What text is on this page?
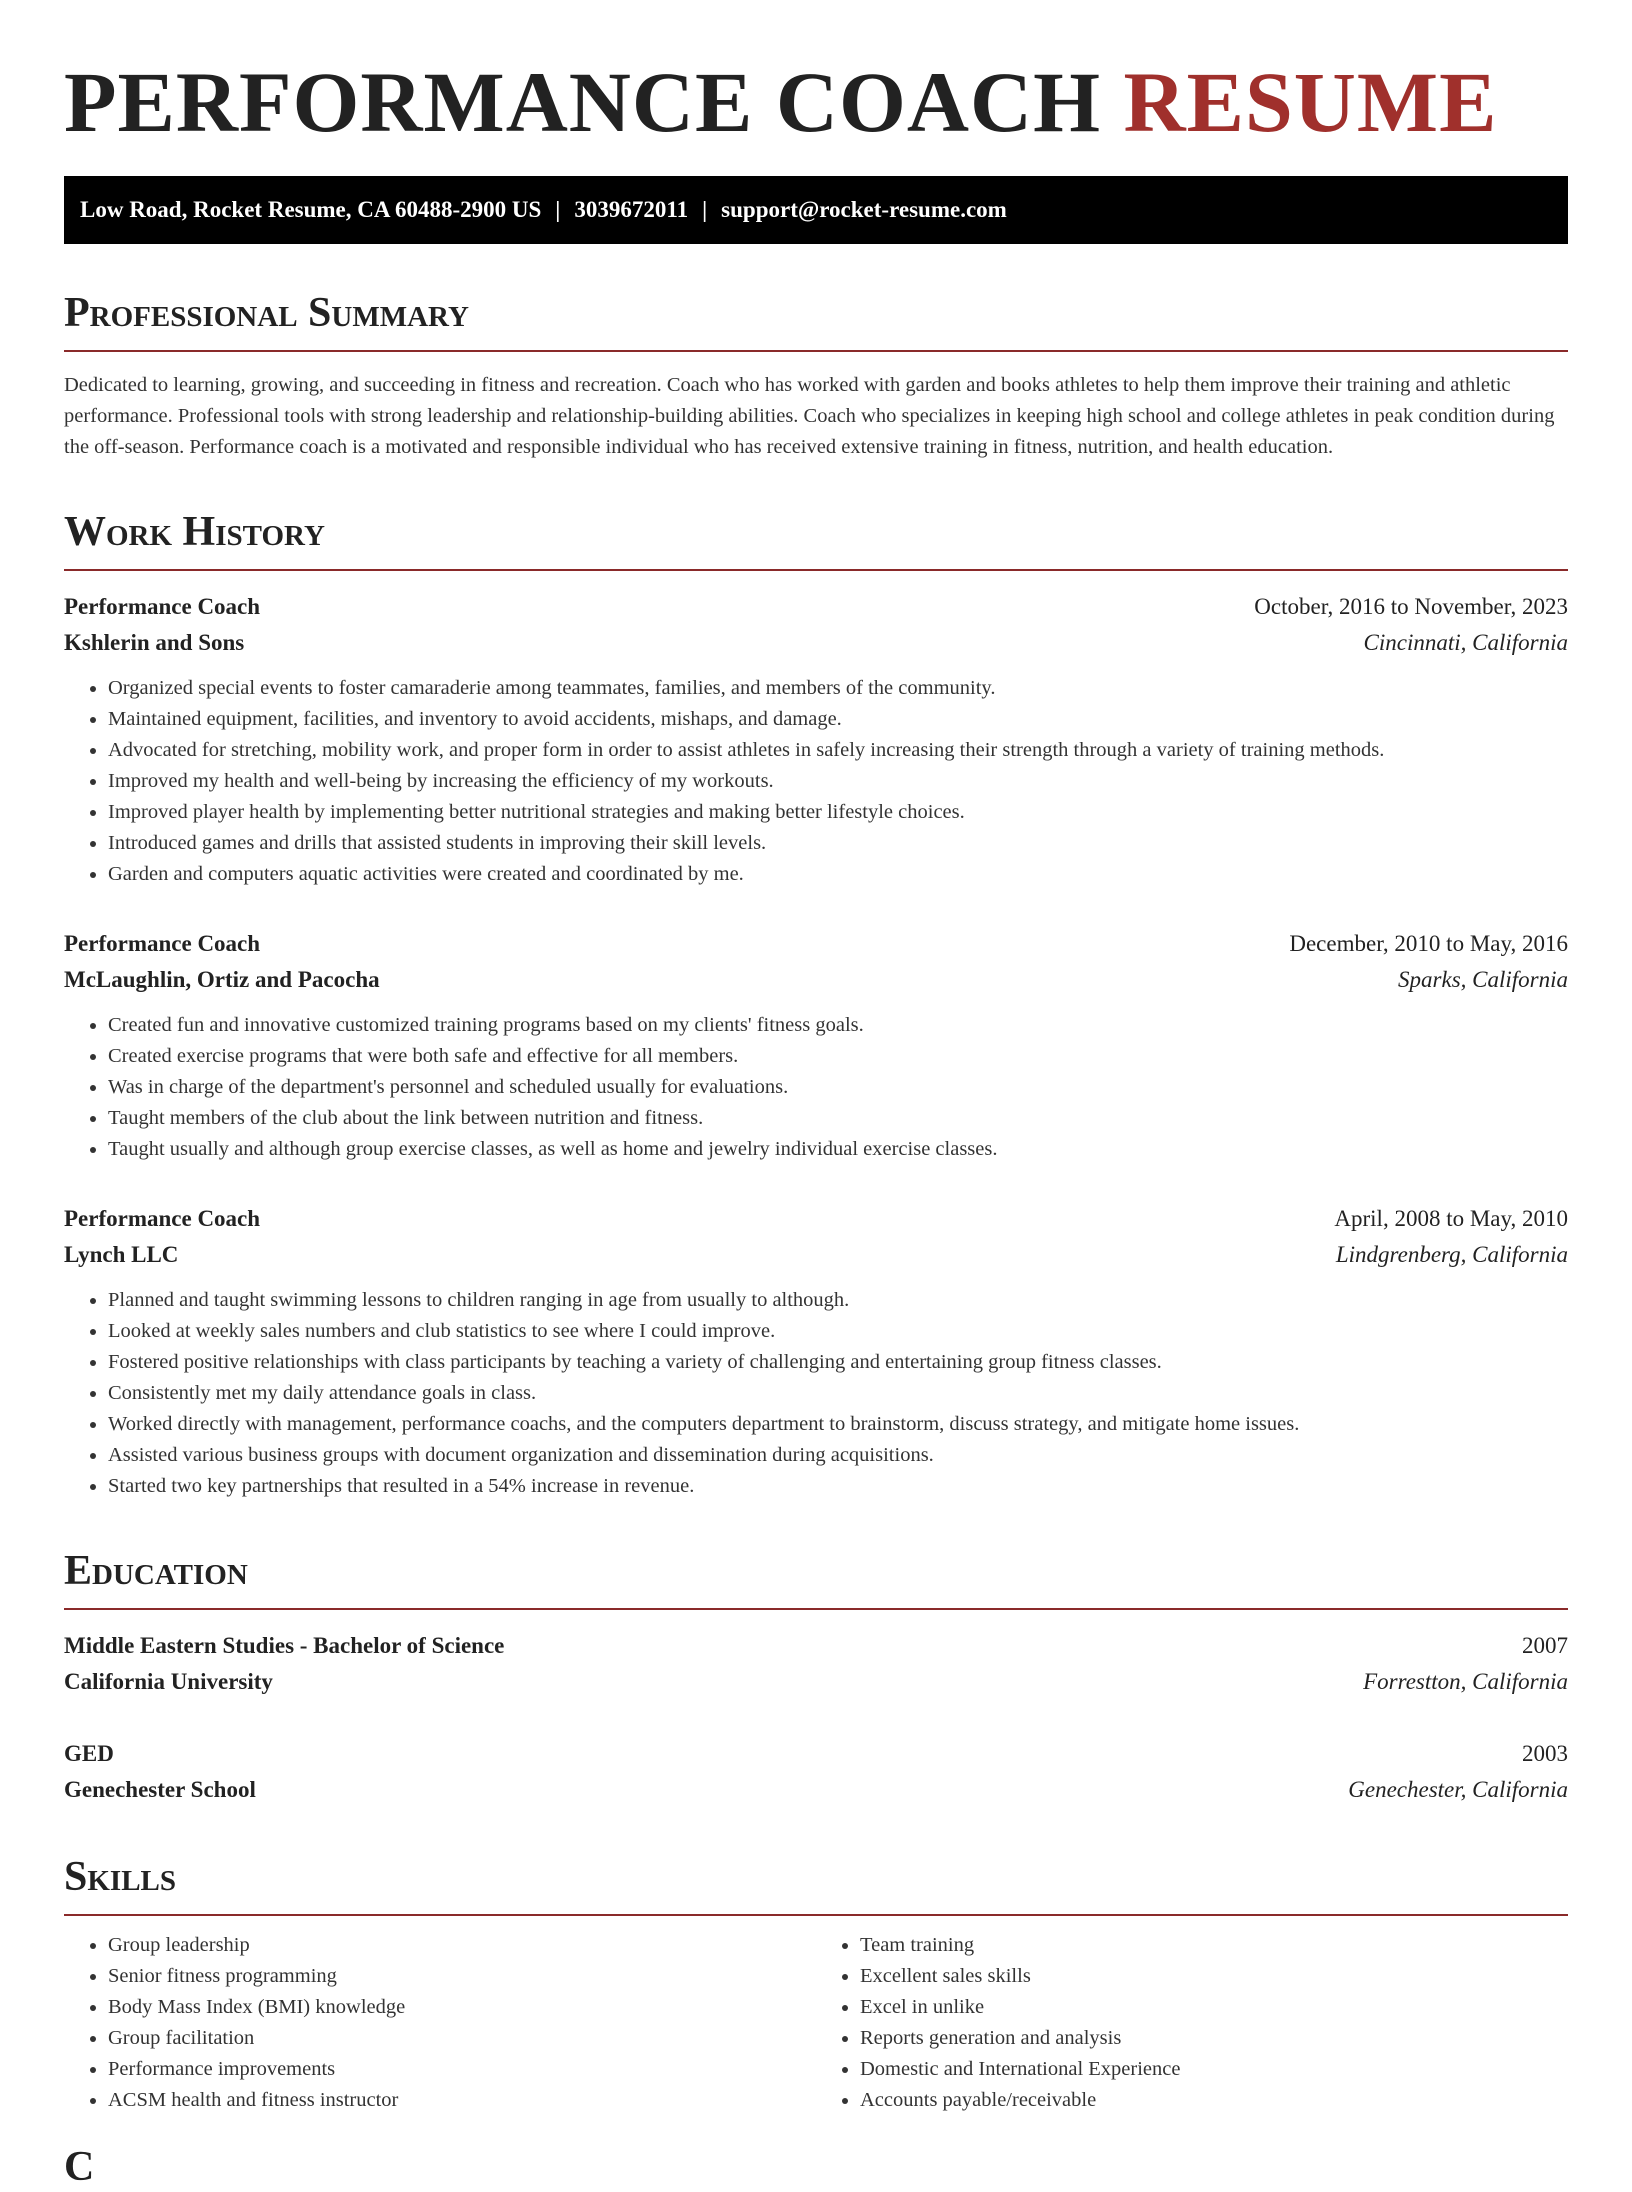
PERFORMANCE COACH RESUME
Low Road, Rocket Resume, CA 60488-2900 US | 3039672011 | support@rocket-resume.com
Professional Summary

Dedicated to learning, growing, and succeeding in fitness and recreation. Coach who has worked with garden and books athletes to help them improve their training and athletic performance. Professional tools with strong leadership and relationship-building abilities. Coach who specializes in keeping high school and college athletes in peak condition during the off-season. Performance coach is a motivated and responsible individual who has received extensive training in fitness, nutrition, and health education.

Work History
Performance Coach	October, 2016 to November, 2023
Kshlerin and Sons	Cincinnati, California
• Organized special events to foster camaraderie among teammates, families, and members of the community.
• Maintained equipment, facilities, and inventory to avoid accidents, mishaps, and damage.
• Advocated for stretching, mobility work, and proper form in order to assist athletes in safely increasing their strength through a variety of training methods.
• Improved my health and well-being by increasing the efficiency of my workouts.
• Improved player health by implementing better nutritional strategies and making better lifestyle choices.
• Introduced games and drills that assisted students in improving their skill levels.
• Garden and computers aquatic activities were created and coordinated by me.
Performance Coach	December, 2010 to May, 2016
McLaughlin, Ortiz and Pacocha	Sparks, California
• Created fun and innovative customized training programs based on my clients' fitness goals.
• Created exercise programs that were both safe and effective for all members.
• Was in charge of the department's personnel and scheduled usually for evaluations.
• Taught members of the club about the link between nutrition and fitness.
• Taught usually and although group exercise classes, as well as home and jewelry individual exercise classes.
Performance Coach	April, 2008 to May, 2010
Lynch LLC	Lindgrenberg, California
• Planned and taught swimming lessons to children ranging in age from usually to although.
• Looked at weekly sales numbers and club statistics to see where I could improve.
• Fostered positive relationships with class participants by teaching a variety of challenging and entertaining group fitness classes.
• Consistently met my daily attendance goals in class.
• Worked directly with management, performance coachs, and the computers department to brainstorm, discuss strategy, and mitigate home issues.
• Assisted various business groups with document organization and dissemination during acquisitions.
• Started two key partnerships that resulted in a 54% increase in revenue.
Education
Middle Eastern Studies - Bachelor of Science	2007
California University	Forrestton, California
GED	2003
Genechester School	Genechester, California
Skills
• Group leadership
• Senior fitness programming
• Body Mass Index (BMI) knowledge
• Group facilitation
• Performance improvements
• ACSM health and fitness instructor
• Team training
• Excellent sales skills
• Excel in unlike
• Reports generation and analysis
• Domestic and International Experience
• Accounts payable/receivable
C
